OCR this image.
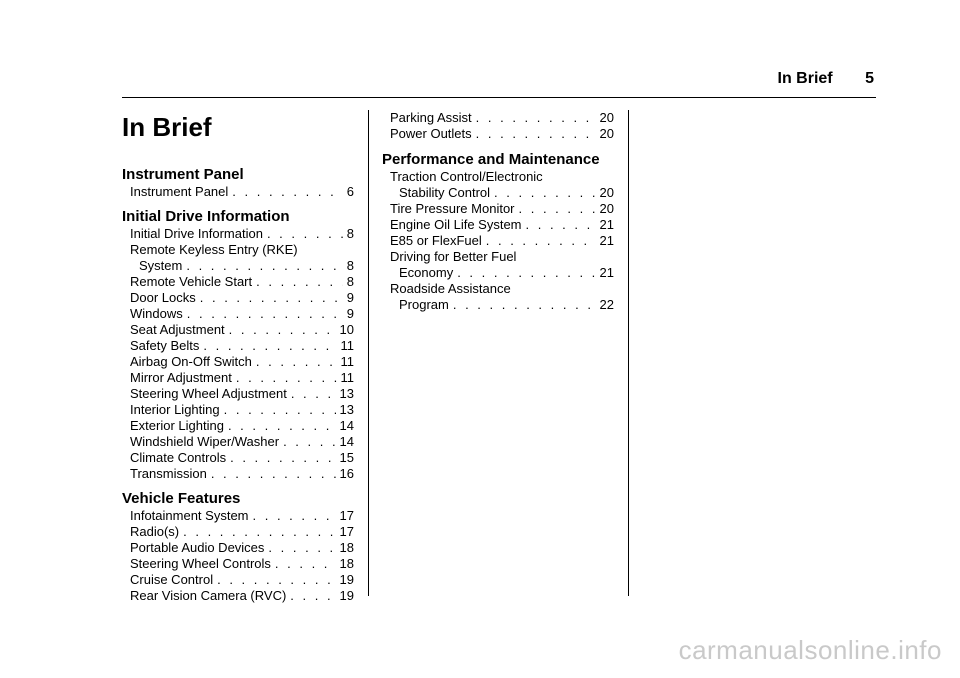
In Brief 5
In Brief
Instrument Panel
Instrument Panel . . .	6
Initial Drive Information
Initial Drive Information . . .	8
Remote Keyless Entry (RKE)
System . . .	8
Remote Vehicle Start . . .	8
Door Locks . . .	9
Windows . . .	9
Seat Adjustment . . .	10
Safety Belts . . .	11
Airbag On-Off Switch . . .	11
Mirror Adjustment . . .	11
Steering Wheel Adjustment . . .	13
Interior Lighting . . .	13
Exterior Lighting . . .	14
Windshield Wiper/Washer . . .	14
Climate Controls . . .	15
Transmission . . .	16
Vehicle Features
Infotainment System . . .	17
Radio(s) . . .	17
Portable Audio Devices . . .	18
Steering Wheel Controls . . .	18
Cruise Control . . .	19
Rear Vision Camera (RVC) . . .	19
Parking Assist . . .	20
Power Outlets . . .	20
Performance and Maintenance
Traction Control/Electronic
Stability Control . . .	20
Tire Pressure Monitor . . .	20
Engine Oil Life System . . .	21
E85 or FlexFuel . . .	21
Driving for Better Fuel
Economy . . .	21
Roadside Assistance
Program . . .	22
carmanualsonline.info
